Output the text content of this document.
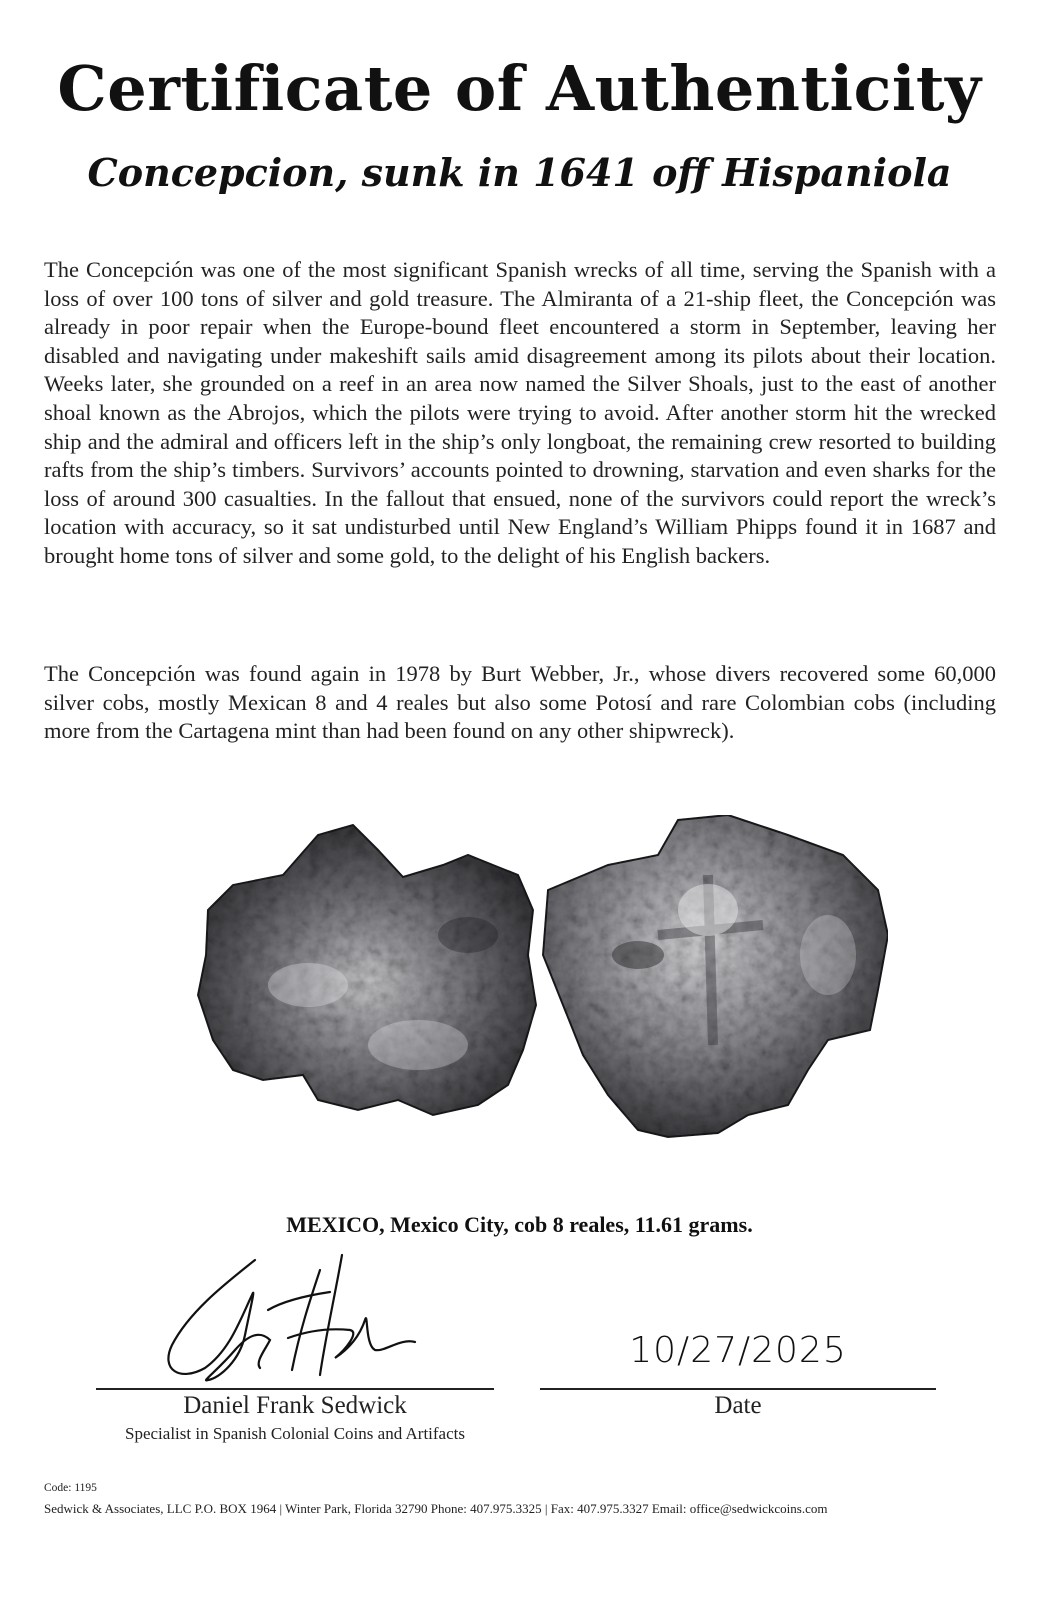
Certificate of Authenticity
Concepcion, sunk in 1641 off Hispaniola

The Concepción was one of the most significant Spanish wrecks of all time, serving the Spanish with a loss of over 100 tons of silver and gold treasure. The Almiranta of a 21-ship fleet, the Concepción was already in poor repair when the Europe-bound fleet encountered a storm in September, leaving her disabled and navigating under makeshift sails amid disagreement among its pilots about their location. Weeks later, she grounded on a reef in an area now named the Silver Shoals, just to the east of another shoal known as the Abrojos, which the pilots were trying to avoid. After another storm hit the wrecked ship and the admiral and officers left in the ship’s only longboat, the remaining crew resorted to building rafts from the ship’s timbers. Survivors’ accounts pointed to drowning, starvation and even sharks for the loss of around 300 casualties. In the fallout that ensued, none of the survivors could report the wreck’s location with accuracy, so it sat undisturbed until New England’s William Phipps found it in 1687 and brought home tons of silver and some gold, to the delight of his English backers.

The Concepción was found again in 1978 by Burt Webber, Jr., whose divers recovered some 60,000 silver cobs, mostly Mexican 8 and 4 reales but also some Potosí and rare Colombian cobs (including more from the Cartagena mint than had been found on any other shipwreck).

MEXICO, Mexico City, cob 8 reales, 11.61 grams.
10/27/2025
Daniel Frank Sedwick
Specialist in Spanish Colonial Coins and Artifacts
Date
Code: 1195
Sedwick & Associates, LLC P.O. BOX 1964 | Winter Park, Florida 32790 Phone: 407.975.3325 | Fax: 407.975.3327 Email: office@sedwickcoins.com
